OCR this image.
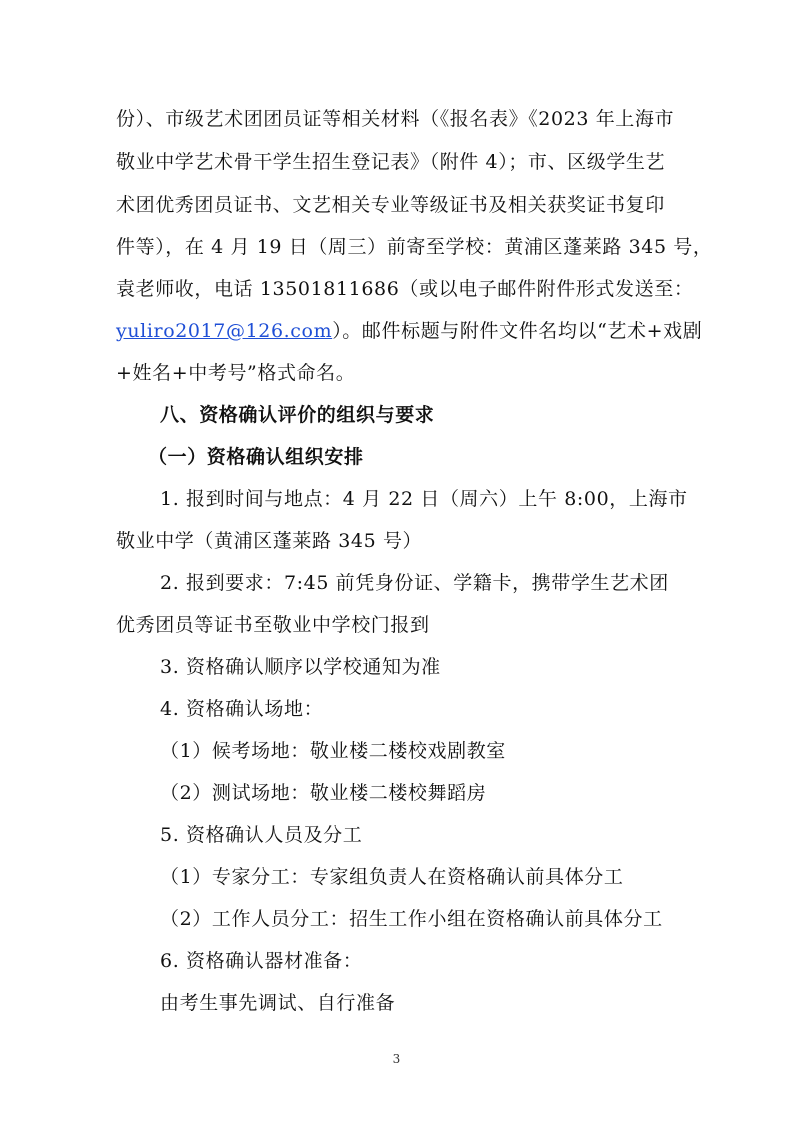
份）、市级艺术团团员证等相关材料（《报名表》《2023 年上海市
敬业中学艺术骨干学生招生登记表》（附件 4）；市、区级学生艺
术团优秀团员证书、文艺相关专业等级证书及相关获奖证书复印
件等），在 4 月 19 日（周三）前寄至学校：黄浦区蓬莱路 345 号，
袁老师收，电话 13501811686（或以电子邮件附件形式发送至：
yuliro2017@126.com）。邮件标题与附件文件名均以“艺术+戏剧
+姓名+中考号”格式命名。
八、资格确认评价的组织与要求
（一）资格确认组织安排
1. 报到时间与地点：4 月 22 日（周六）上午 8:00，上海市
敬业中学（黄浦区蓬莱路 345 号）
2. 报到要求：7:45 前凭身份证、学籍卡，携带学生艺术团
优秀团员等证书至敬业中学校门报到
3. 资格确认顺序以学校通知为准
4. 资格确认场地：
（1）候考场地：敬业楼二楼校戏剧教室
（2）测试场地：敬业楼二楼校舞蹈房
5. 资格确认人员及分工
（1）专家分工：专家组负责人在资格确认前具体分工
（2）工作人员分工：招生工作小组在资格确认前具体分工
6. 资格确认器材准备：
由考生事先调试、自行准备
3
